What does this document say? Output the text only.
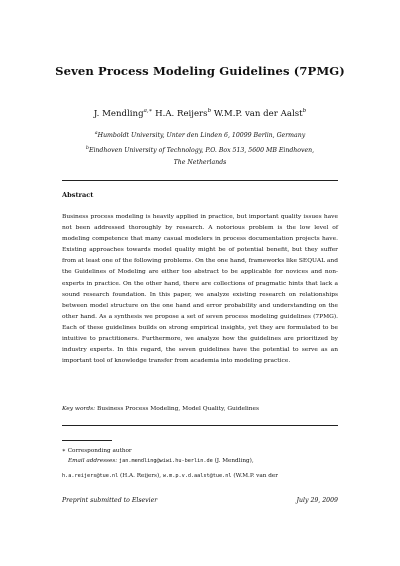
Seven Process Modeling Guidelines (7PMG)
J. Mendling$^{a,∗}$ H.A. Reijers$^b$ W.M.P. van der Aalst$^b$
$^a$Humboldt University, Unter den Linden 6, 10099 Berlin, Germany
$^b$Eindhoven University of Technology, P.O. Box 513, 5600 MB Eindhoven,
The Netherlands
Abstract

Business process modeling is heavily applied in practice, but important quality issues have not been addressed thoroughly by research. A notorious problem is the low level of modeling competence that many casual modelers in process documentation projects have. Existing approaches towards model quality might be of potential benefit, but they suffer from at least one of the following problems. On the one hand, frameworks like SEQUAL and the Guidelines of Modeling are either too abstract to be applicable for novices and non-experts in practice. On the other hand, there are collections of pragmatic hints that lack a sound research foundation. In this paper, we analyze existing research on relationships between model structure on the one hand and error probability and understanding on the other hand. As a synthesis we propose a set of seven process modeling guidelines (7PMG). Each of these guidelines builds on strong empirical insights, yet they are formulated to be intuitive to practitioners. Furthermore, we analyze how the guidelines are prioritized by industry experts. In this regard, the seven guidelines have the potential to serve as an important tool of knowledge transfer from academia into modeling practice.

Key words: Business Process Modeling, Model Quality, Guidelines
∗ Corresponding author
Email addresses: jan.mendling@wiwi.hu-berlin.de (J. Mendling),
h.a.reijers@tue.nl (H.A. Reijers), w.m.p.v.d.aalst@tue.nl (W.M.P. van der
Preprint submitted to Elsevier	July 29, 2009
